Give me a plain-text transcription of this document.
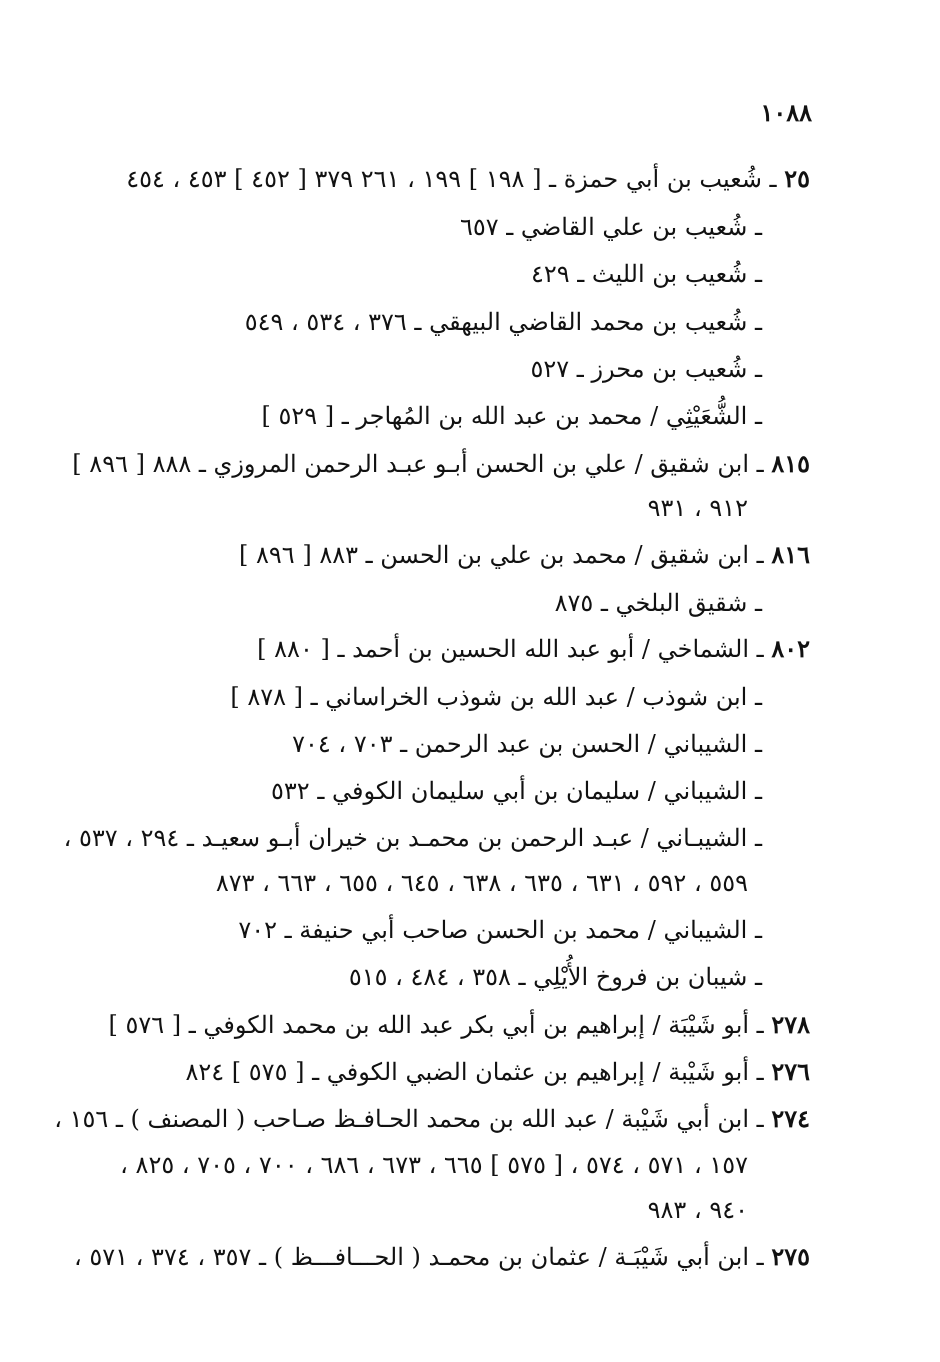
١٠٨٨
٢٥ ـ شُعيب بن أبي حمزة ـ [ ١٩٨ ] ١٩٩ ، ٢٦١ ٣٧٩ [ ٤٥٢ ] ٤٥٣ ، ٤٥٤
ـ شُعيب بن علي القاضي ـ ٦٥٧
ـ شُعيب بن الليث ـ ٤٢٩
ـ شُعيب بن محمد القاضي البيهقي ـ ٣٧٦ ، ٥٣٤ ، ٥٤٩
ـ شُعيب بن محرز ـ ٥٢٧
ـ الشُّعَيْثِي / محمد بن عبد الله بن المُهاجر ـ [ ٥٢٩ ]
٨١٥ ـ ابن شقيق / علي بن الحسن أبـو عبـد الرحمن المروزي ـ ٨٨٨ [ ٨٩٦ ]
٩١٢ ، ٩٣١
٨١٦ ـ ابن شقيق / محمد بن علي بن الحسن ـ ٨٨٣ [ ٨٩٦ ]
ـ شقيق البلخي ـ ٨٧٥
٨٠٢ ـ الشماخي / أبو عبد الله الحسين بن أحمد ـ [ ٨٨٠ ]
ـ ابن شوذب / عبد الله بن شوذب الخراساني ـ [ ٨٧٨ ]
ـ الشيباني / الحسن بن عبد الرحمن ـ ٧٠٣ ، ٧٠٤
ـ الشيباني / سليمان بن أبي سليمان الكوفي ـ ٥٣٢
ـ الشيبـاني / عبـد الرحمن بن محمـد بن خيران أبـو سعيـد ـ ٢٩٤ ، ٥٣٧ ،
٥٥٩ ، ٥٩٢ ، ٦٣١ ، ٦٣٥ ، ٦٣٨ ، ٦٤٥ ، ٦٥٥ ، ٦٦٣ ، ٨٧٣
ـ الشيباني / محمد بن الحسن صاحب أبي حنيفة ـ ٧٠٢
ـ شيبان بن فروخ الأُيْلِي ـ ٣٥٨ ، ٤٨٤ ، ٥١٥
٢٧٨ ـ أبو شَيْبَة / إبراهيم بن أبي بكر عبد الله بن محمد الكوفي ـ [ ٥٧٦ ]
٢٧٦ ـ أبو شَيْبة / إبراهيم بن عثمان الضبي الكوفي ـ [ ٥٧٥ ] ٨٢٤
٢٧٤ ـ ابن أبي شَيْبة / عبد الله بن محمد الحـافـظ صـاحب ( المصنف ) ـ ١٥٦ ،
١٥٧ ، ٥٧١ ، ٥٧٤ ، [ ٥٧٥ ] ٦٦٥ ، ٦٧٣ ، ٦٨٦ ، ٧٠٠ ، ٧٠٥ ، ٨٢٥ ،
٩٤٠ ، ٩٨٣
٢٧٥ ـ ابن أبي شَيْبَـة / عثمان بن محمـد ( الحـــافـــظ ) ـ ٣٥٧ ، ٣٧٤ ، ٥٧١ ،
